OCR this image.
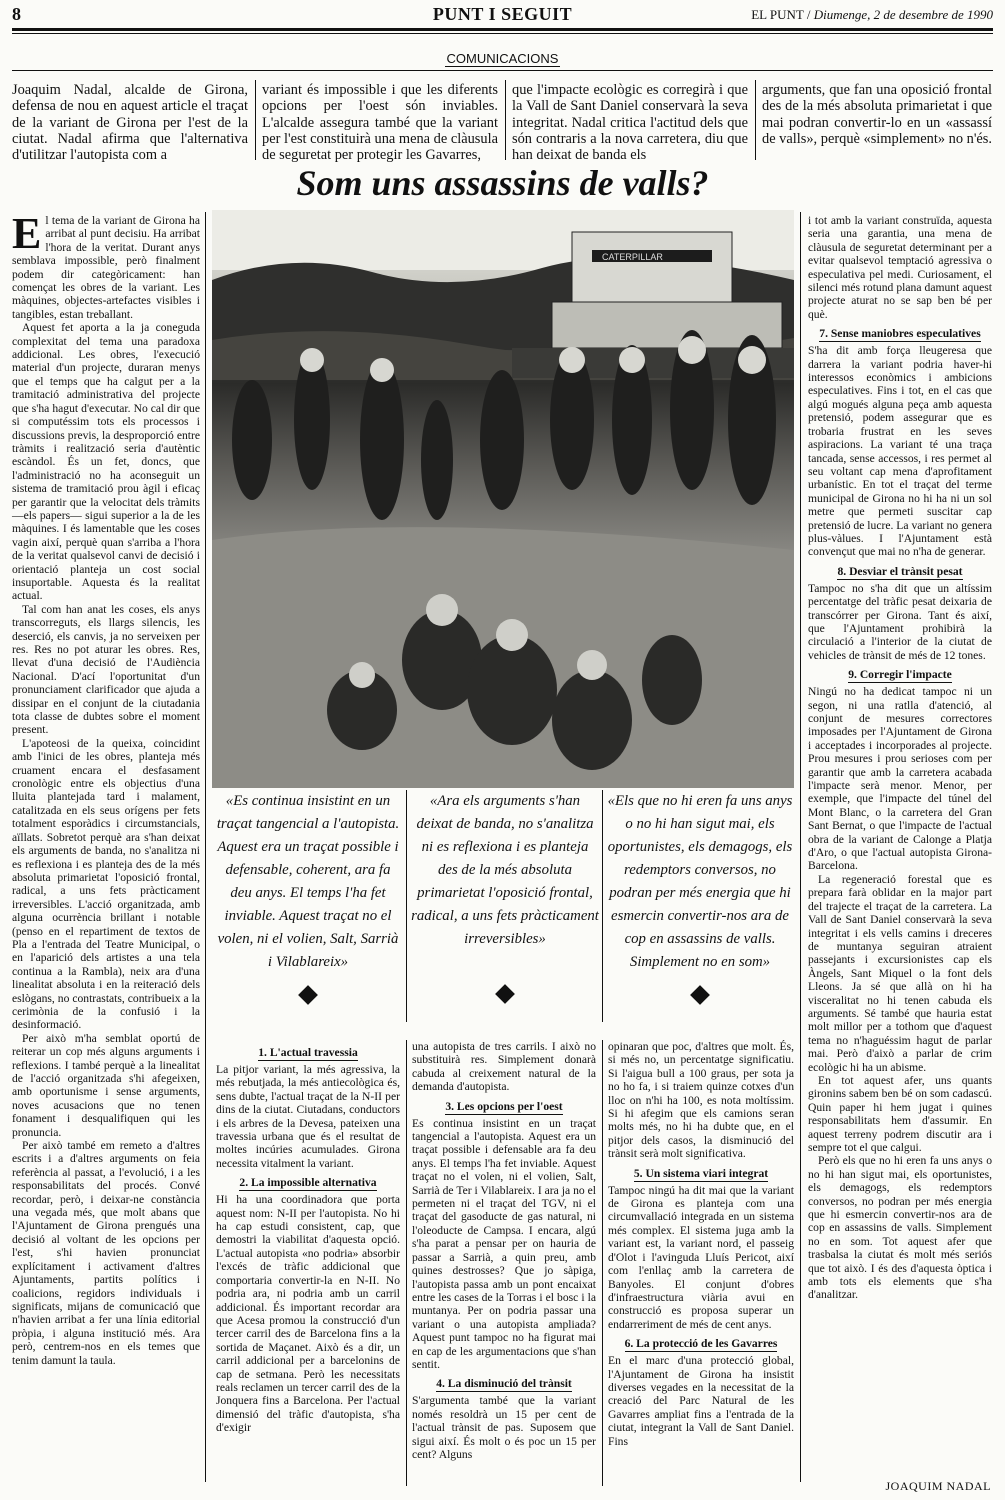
8	PUNT I SEGUIT	EL PUNT / Diumenge, 2 de desembre de 1990
COMUNICACIONS

Joaquim Nadal, alcalde de Girona, defensa de nou en aquest article el traçat de la variant de Girona per l'est de la ciutat. Nadal afirma que l'alternativa d'utilitzar l'autopista com a

variant és impossible i que les diferents opcions per l'oest són inviables. L'alcalde assegura també que la variant per l'est constituirà una mena de clàusula de seguretat per protegir les Gavarres,

que l'impacte ecològic es corregirà i que la Vall de Sant Daniel conservarà la seva integritat. Nadal critica l'actitud dels que són contraris a la nova carretera, diu que han deixat de banda els

arguments, que fan una oposició frontal des de la més absoluta primarietat i que mai podran convertir-lo en un «assassí de valls», perquè «simplement» no n'és.

Som uns assassins de valls?
CATERPILLAR

El tema de la variant de Girona ha arribat al punt decisiu. Ha arribat l'hora de la veritat. Durant anys semblava impossible, però finalment podem dir categòricament: han començat les obres de la variant. Les màquines, objectes-artefactes visibles i tangibles, estan treballant.

Aquest fet aporta a la ja coneguda complexitat del tema una paradoxa addicional. Les obres, l'execució material d'un projecte, duraran menys que el temps que ha calgut per a la tramitació administrativa del projecte que s'ha hagut d'executar. No cal dir que si computéssim tots els processos i discussions previs, la desproporció entre tràmits i realització seria d'autèntic escàndol. És un fet, doncs, que l'administració no ha aconseguit un sistema de tramitació prou àgil i eficaç per garantir que la velocitat dels tràmits —els papers— sigui superior a la de les màquines. I és lamentable que les coses vagin així, perquè quan s'arriba a l'hora de la veritat qualsevol canvi de decisió i orientació planteja un cost social insuportable. Aquesta és la realitat actual.

Tal com han anat les coses, els anys transcorreguts, els llargs silencis, les deserció, els canvis, ja no serveixen per res. Res no pot aturar les obres. Res, llevat d'una decisió de l'Audiència Nacional. D'ací l'oportunitat d'un pronunciament clarificador que ajuda a dissipar en el conjunt de la ciutadania tota classe de dubtes sobre el moment present.

L'apoteosi de la queixa, coincidint amb l'inici de les obres, planteja més cruament encara el desfasament cronològic entre els objectius d'una lluita plantejada tard i malament, catalitzada en els seus orígens per fets totalment esporàdics i circumstancials, aïllats. Sobretot perquè ara s'han deixat els arguments de banda, no s'analitza ni es reflexiona i es planteja des de la més absoluta primarietat l'oposició frontal, radical, a uns fets pràcticament irreversibles. L'acció organitzada, amb alguna ocurrència brillant i notable (penso en el repartiment de textos de Pla a l'entrada del Teatre Municipal, o en l'aparició dels artistes a una tela continua a la Rambla), neix ara d'una linealitat absoluta i en la reiteració dels eslògans, no contrastats, contribueix a la cerimònia de la confusió i la desinformació.

Per això m'ha semblat oportú de reiterar un cop més alguns arguments i reflexions. I també perquè a la linealitat de l'acció organitzada s'hi afegeixen, amb oportunisme i sense arguments, noves acusacions que no tenen fonament i desqualifiquen qui les pronuncia.

Per això també em remeto a d'altres escrits i a d'altres arguments on feia referència al passat, a l'evolució, i a les responsabilitats del procés. Convé recordar, però, i deixar-ne constància una vegada més, que molt abans que l'Ajuntament de Girona prengués una decisió al voltant de les opcions per l'est, s'hi havien pronunciat explícitament i activament d'altres Ajuntaments, partits polítics i coalicions, regidors individuals i significats, mijans de comunicació que n'havien arribat a fer una línia editorial pròpia, i alguna institució més. Ara però, centrem-nos en els temes que tenim damunt la taula.

«Es continua insistint en un traçat tangencial a l'autopista. Aquest era un traçat possible i defensable, coherent, ara fa deu anys. El temps l'ha fet inviable. Aquest traçat no el volen, ni el volien, Salt, Sarrià i Vilablareix»

«Ara els arguments s'han deixat de banda, no s'analitza ni es reflexiona i es planteja des de la més absoluta primarietat l'oposició frontal, radical, a uns fets pràcticament irreversibles»

«Els que no hi eren fa uns anys o no hi han sigut mai, els oportunistes, els demagogs, els redemptors conversos, no podran per més energia que hi esmercin convertir-nos ara de cop en assassins de valls. Simplement no en som»

1. L'actual travessia

La pitjor variant, la més agressiva, la més rebutjada, la més antiecològica és, sens dubte, l'actual traçat de la N-II per dins de la ciutat. Ciutadans, conductors i els arbres de la Devesa, pateixen una travessia urbana que és el resultat de moltes incúries acumulades. Girona necessita vitalment la variant.

2. La impossible alternativa

Hi ha una coordinadora que porta aquest nom: N-II per l'autopista. No hi ha cap estudi consistent, cap, que demostri la viabilitat d'aquesta opció. L'actual autopista «no podria» absorbir l'excés de tràfic addicional que comportaria convertir-la en N-II. No podria ara, ni podria amb un carril addicional. És important recordar ara que Acesa promou la construcció d'un tercer carril des de Barcelona fins a la sortida de Maçanet. Això és a dir, un carril addicional per a barcelonins de cap de setmana. Però les necessitats reals reclamen un tercer carril des de la Jonquera fins a Barcelona. Per l'actual dimensió del tràfic d'autopista, s'ha d'exigir

una autopista de tres carrils. I això no substituirà res. Simplement donarà cabuda al creixement natural de la demanda d'autopista.

3. Les opcions per l'oest

Es continua insistint en un traçat tangencial a l'autopista. Aquest era un traçat possible i defensable ara fa deu anys. El temps l'ha fet inviable. Aquest traçat no el volen, ni el volien, Salt, Sarrià de Ter i Vilablareix. I ara ja no el permeten ni el traçat del TGV, ni el traçat del gasoducte de gas natural, ni l'oleoducte de Campsa. I encara, algú s'ha parat a pensar per on hauria de passar a Sarrià, a quin preu, amb quines destrosses? Que jo sàpiga, l'autopista passa amb un pont encaixat entre les cases de la Torras i el bosc i la muntanya. Per on podria passar una variant o una autopista ampliada? Aquest punt tampoc no ha figurat mai en cap de les argumentacions que s'han sentit.

4. La disminució del trànsit

S'argumenta també que la variant només resoldrà un 15 per cent de l'actual trànsit de pas. Suposem que sigui així. És molt o és poc un 15 per cent? Alguns

opinaran que poc, d'altres que molt. És, si més no, un percentatge significatiu. Si l'aigua bull a 100 graus, per sota ja no ho fa, i si traiem quinze cotxes d'un lloc on n'hi ha 100, es nota moltíssim. Si hi afegim que els camions seran molts més, no hi ha dubte que, en el pitjor dels casos, la disminució del trànsit serà molt significativa.

5. Un sistema viari integrat

Tampoc ningú ha dit mai que la variant de Girona es planteja com una circumvallació integrada en un sistema més complex. El sistema juga amb la variant est, la variant nord, el passeig d'Olot i l'avinguda Lluís Pericot, així com l'enllaç amb la carretera de Banyoles. El conjunt d'obres d'infraestructura viària avui en construcció es proposa superar un endarreriment de més de cent anys.

6. La protecció de les Gavarres

En el marc d'una protecció global, l'Ajuntament de Girona ha insistit diverses vegades en la necessitat de la creació del Parc Natural de les Gavarres ampliat fins a l'entrada de la ciutat, integrant la Vall de Sant Daniel. Fins

i tot amb la variant construïda, aquesta seria una garantia, una mena de clàusula de seguretat determinant per a evitar qualsevol temptació agressiva o especulativa pel medi. Curiosament, el silenci més rotund plana damunt aquest projecte aturat no se sap ben bé per què.

7. Sense maniobres especulatives

S'ha dit amb força lleugeresa que darrera la variant podria haver-hi interessos econòmics i ambicions especulatives. Fins i tot, en el cas que algú mogués alguna peça amb aquesta pretensió, podem assegurar que es trobaria frustrat en les seves aspiracions. La variant té una traça tancada, sense accessos, i res permet al seu voltant cap mena d'aprofitament urbanístic. En tot el traçat del terme municipal de Girona no hi ha ni un sol metre que permeti suscitar cap pretensió de lucre. La variant no genera plus-vàlues. I l'Ajuntament està convençut que mai no n'ha de generar.

8. Desviar el trànsit pesat

Tampoc no s'ha dit que un altíssim percentatge del tràfic pesat deixaria de transcórrer per Girona. Tant és així, que l'Ajuntament prohibirà la circulació a l'interior de la ciutat de vehicles de trànsit de més de 12 tones.

9. Corregir l'impacte

Ningú no ha dedicat tampoc ni un segon, ni una ratlla d'atenció, al conjunt de mesures correctores imposades per l'Ajuntament de Girona i acceptades i incorporades al projecte. Prou mesures i prou serioses com per garantir que amb la carretera acabada l'impacte serà menor. Menor, per exemple, que l'impacte del túnel del Mont Blanc, o la carretera del Gran Sant Bernat, o que l'impacte de l'actual obra de la variant de Calonge a Platja d'Aro, o que l'actual autopista Girona-Barcelona.

La regeneració forestal que es prepara farà oblidar en la major part del trajecte el traçat de la carretera. La Vall de Sant Daniel conservarà la seva integritat i els vells camins i dreceres de muntanya seguiran atraient passejants i excursionistes cap els Àngels, Sant Miquel o la font dels Lleons. Ja sé que allà on hi ha visceralitat no hi tenen cabuda els arguments. Sé també que hauria estat molt millor per a tothom que d'aquest tema no n'haguéssim hagut de parlar mai. Però d'això a parlar de crim ecològic hi ha un abisme.

En tot aquest afer, uns quants gironins sabem ben bé on som cadascú. Quin paper hi hem jugat i quines responsabilitats hem d'assumir. En aquest terreny podrem discutir ara i sempre tot el que calgui.

Però els que no hi eren fa uns anys o no hi han sigut mai, els oportunistes, els demagogs, els redemptors conversos, no podran per més energia que hi esmercin convertir-nos ara de cop en assassins de valls. Simplement no en som. Tot aquest afer que trasbalsa la ciutat és molt més seriós que tot això. I és des d'aquesta òptica i amb tots els elements que s'ha d'analitzar.

JOAQUIM NADAL
